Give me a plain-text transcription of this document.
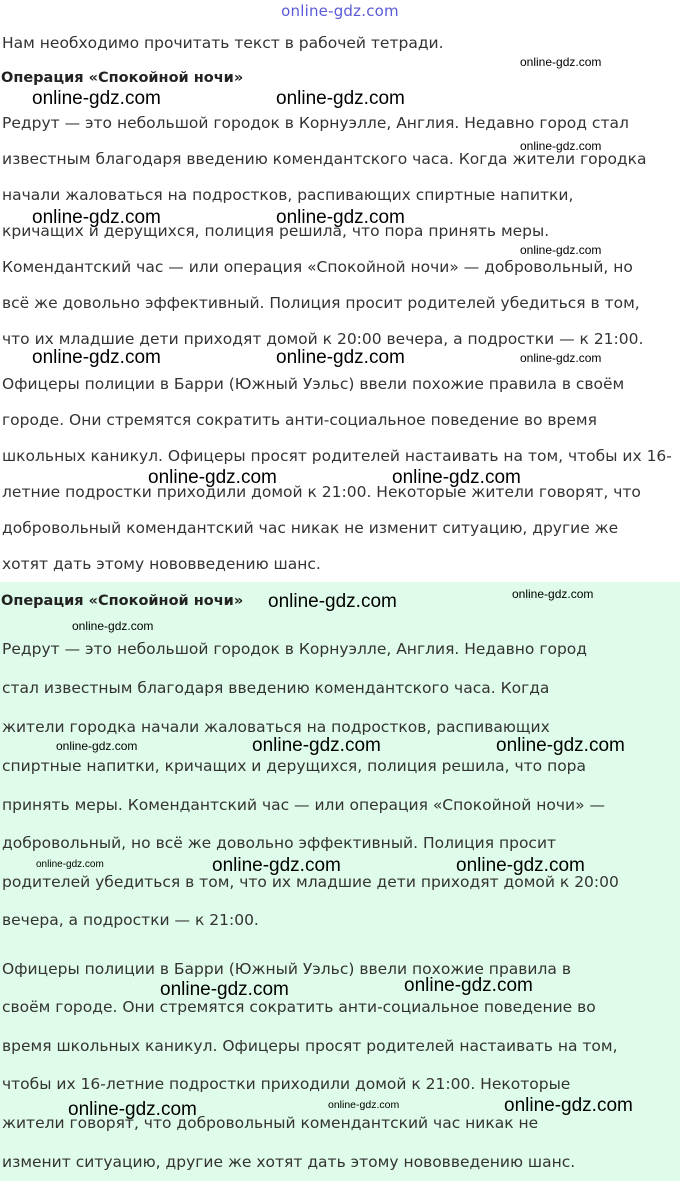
online-gdz.com
Нам необходимо прочитать текст в рабочей тетради.
Операция «Спокойной ночи»
Редрут — это небольшой городок в Корнуэлле, Англия. Недавно город стал
известным благодаря введению комендантского часа. Когда жители городка
начали жаловаться на подростков, распивающих спиртные напитки,
кричащих и дерущихся, полиция решила, что пора принять меры.
Комендантский час — или операция «Спокойной ночи» — добровольный, но
всё же довольно эффективный. Полиция просит родителей убедиться в том,
что их младшие дети приходят домой к 20:00 вечера, а подростки — к 21:00.
Офицеры полиции в Барри (Южный Уэльс) ввели похожие правила в своём
городе. Они стремятся сократить анти-социальное поведение во время
школьных каникул. Офицеры просят родителей настаивать на том, чтобы их 16-
летние подростки приходили домой к 21:00. Некоторые жители говорят, что
добровольный комендантский час никак не изменит ситуацию, другие же
хотят дать этому нововведению шанс.
Операция «Спокойной ночи»
Редрут — это небольшой городок в Корнуэлле, Англия. Недавно город
стал известным благодаря введению комендантского часа. Когда
жители городка начали жаловаться на подростков, распивающих
спиртные напитки, кричащих и дерущихся, полиция решила, что пора
принять меры. Комендантский час — или операция «Спокойной ночи» —
добровольный, но всё же довольно эффективный. Полиция просит
родителей убедиться в том, что их младшие дети приходят домой к 20:00
вечера, а подростки — к 21:00.
Офицеры полиции в Барри (Южный Уэльс) ввели похожие правила в
своём городе. Они стремятся сократить анти-социальное поведение во
время школьных каникул. Офицеры просят родителей настаивать на том,
чтобы их 16-летние подростки приходили домой к 21:00. Некоторые
жители говорят, что добровольный комендантский час никак не
изменит ситуацию, другие же хотят дать этому нововведению шанс.
online-gdz.com
online-gdz.com	online-gdz.com
online-gdz.com
online-gdz.com	online-gdz.com
online-gdz.com
online-gdz.com	online-gdz.com	online-gdz.com
online-gdz.com	online-gdz.com
online-gdz.com	online-gdz.com
online-gdz.com
online-gdz.com	online-gdz.com	online-gdz.com
online-gdz.com	online-gdz.com	online-gdz.com
online-gdz.com	online-gdz.com
online-gdz.com	online-gdz.com	online-gdz.com
